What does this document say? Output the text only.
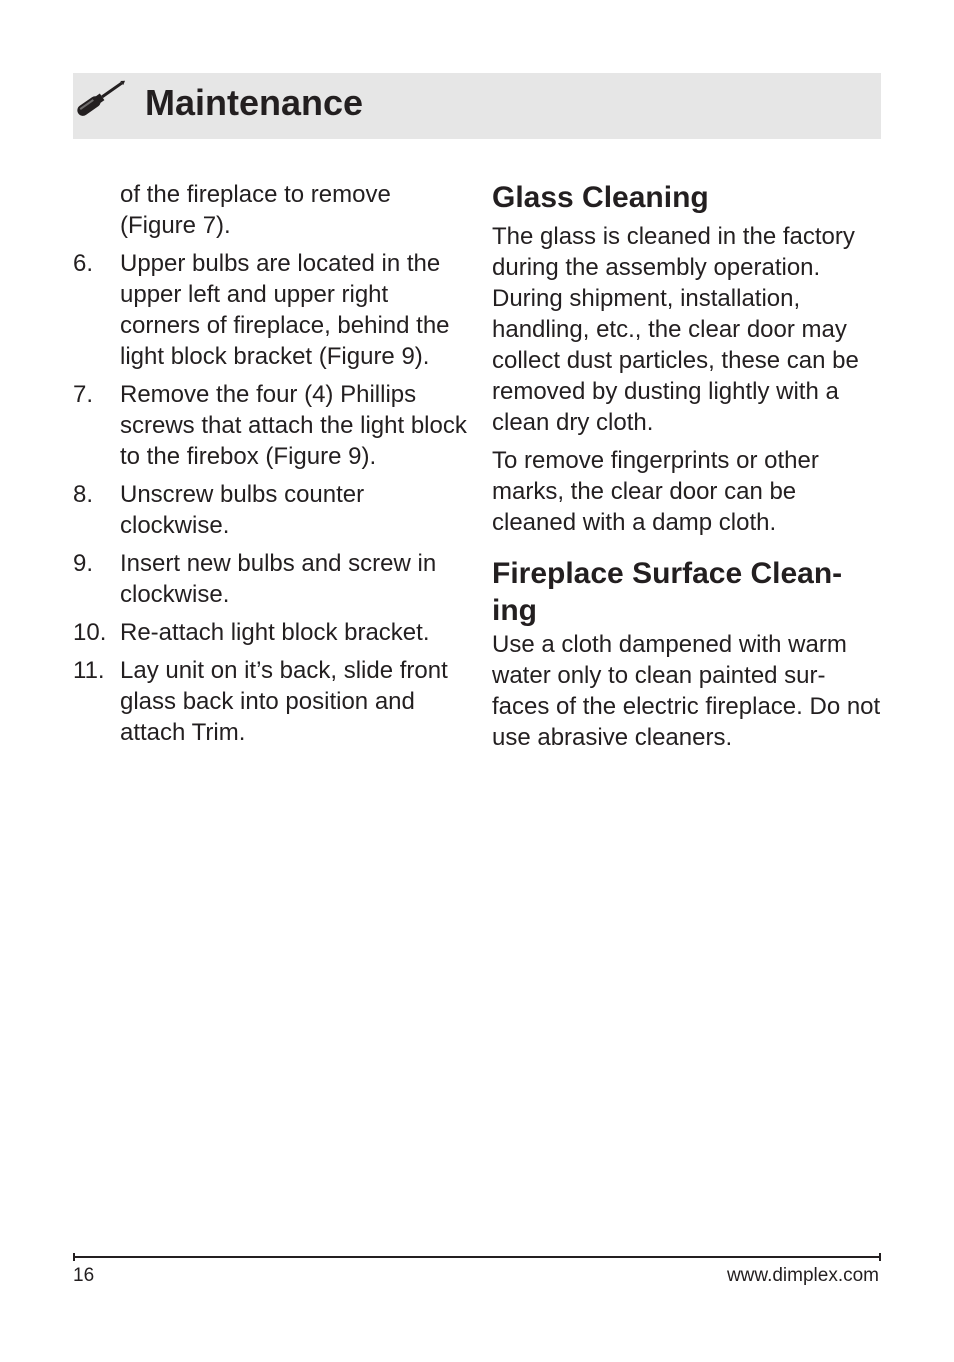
Maintenance
of the fireplace to remove (Figure 7).
6.	Upper bulbs are located in the upper left and upper right corners of fireplace, behind the light block bracket (Figure 9).
7.	Remove the four (4) Phillips screws that attach the light block to the firebox (Figure 9).
8.	Unscrew bulbs counter clockwise.
9.	Insert new bulbs and screw in clockwise.
10. Re-attach light block bracket.
11. Lay unit on it’s back, slide front glass back into position and attach Trim.
Glass Cleaning

The glass is cleaned in the factory during the assembly operation. During shipment, installation, handling, etc., the clear door may collect dust particles, these can be removed by dusting lightly with a clean dry cloth.

To remove fingerprints or other marks, the clear door can be cleaned with a damp cloth.

Fireplace Surface Clean-
ing

Use a cloth dampened with warm water only to clean painted sur- faces of the electric fireplace. Do not use abrasive cleaners.

16	www.dimplex.com
